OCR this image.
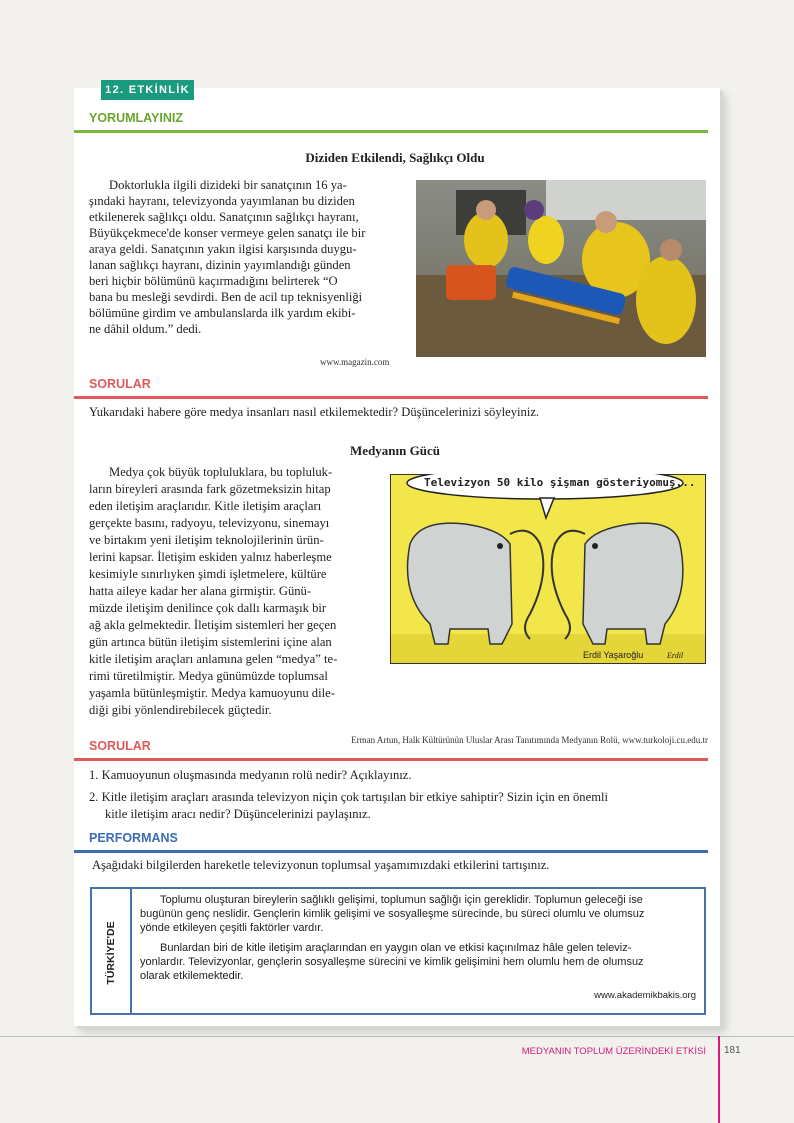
12. ETKİNLİK
YORUMLAYINIZ
Diziden Etkilendi, Sağlıkçı Oldu
Doktorlukla ilgili dizideki bir sanatçının 16 ya-
şındaki hayranı, televizyonda yayımlanan bu diziden
etkilenerek sağlıkçı oldu. Sanatçının sağlıkçı hayranı,
Büyükçekmece'de konser vermeye gelen sanatçı ile bir
araya geldi. Sanatçının yakın ilgisi karşısında duygu-
lanan sağlıkçı hayranı, dizinin yayımlandığı günden
beri hiçbir bölümünü kaçırmadığını belirterek “O
bana bu mesleği sevdirdi. Ben de acil tıp teknisyenliği
bölümüne girdim ve ambulanslarda ilk yardım ekibi-
ne dâhil oldum.” dedi.
www.magazin.com
SORULAR
Yukarıdaki habere göre medya insanları nasıl etkilemektedir? Düşüncelerinizi söyleyiniz.
Medyanın Gücü
Medya çok büyük topluluklara, bu topluluk-
ların bireyleri arasında fark gözetmeksizin hitap
eden iletişim araçlarıdır. Kitle iletişim araçları
gerçekte basını, radyoyu, televizyonu, sinemayı
ve birtakım yeni iletişim teknolojilerinin ürün-
lerini kapsar. İletişim eskiden yalnız haberleşme
kesimiyle sınırlıyken şimdi işletmelere, kültüre
hatta aileye kadar her alana girmiştir. Günü-
müzde iletişim denilince çok dallı karmaşık bir
ağ akla gelmektedir. İletişim sistemleri her geçen
gün artınca bütün iletişim sistemlerini içine alan
kitle iletişim araçları anlamına gelen “medya” te-
rimi türetilmiştir. Medya günümüzde toplumsal
yaşamla bütünleşmiştir. Medya kamuoyunu dile-
diği gibi yönlendirebilecek güçtedir.
Televizyon 50 kilo şişman gösteriyomuş...
Erdil Yaşaroğlu	Erdil
Erman Artun, Halk Kültürünün Uluslar Arası Tanıtımında Medyanın Rolü, www.turkoloji.cu.edu.tr
SORULAR
1. Kamuoyunun oluşmasında medyanın rolü nedir? Açıklayınız.
2. Kitle iletişim araçları arasında televizyon niçin çok tartışılan bir etkiye sahiptir? Sizin için en önemli
kitle iletişim aracı nedir? Düşüncelerinizi paylaşınız.
PERFORMANS
Aşağıdaki bilgilerden hareketle televizyonun toplumsal yaşamımızdaki etkilerini tartışınız.
TÜRKİYE'DE
Toplumu oluşturan bireylerin sağlıklı gelişimi, toplumun sağlığı için gereklidir. Toplumun geleceği ise
bugünün genç neslidir. Gençlerin kimlik gelişimi ve sosyalleşme sürecinde, bu süreci olumlu ve olumsuz
yönde etkileyen çeşitli faktörler vardır.
Bunlardan biri de kitle iletişim araçlarından en yaygın olan ve etkisi kaçınılmaz hâle gelen televiz-
yonlardır. Televizyonlar, gençlerin sosyalleşme sürecini ve kimlik gelişimini hem olumlu hem de olumsuz
olarak etkilemektedir.
www.akademikbakis.org
MEDYANIN TOPLUM ÜZERİNDEKİ ETKİSİ 181
